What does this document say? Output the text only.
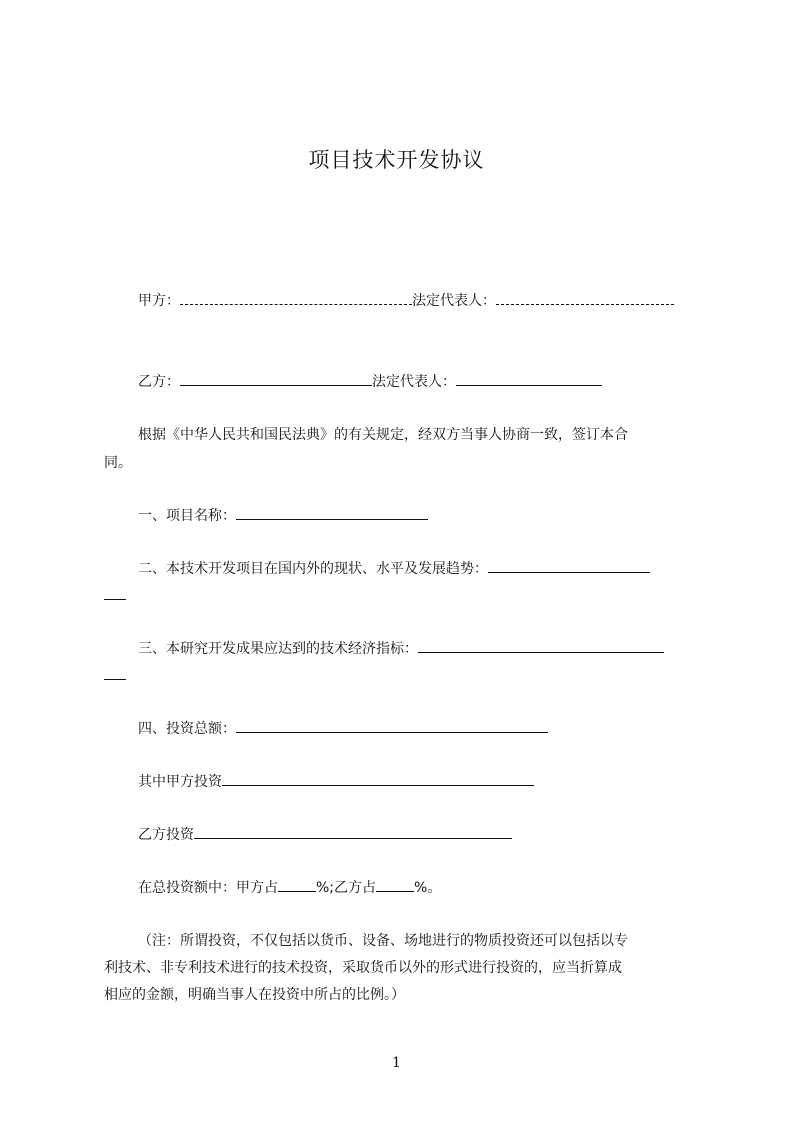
项目技术开发协议
甲方：	法定代表人：
乙方：	法定代表人：
根据《中华人民共和国民法典》的有关规定，经双方当事人协商一致，签订本合
同。
一、项目名称：
二、本技术开发项目在国内外的现状、水平及发展趋势：
三、本研究开发成果应达到的技术经济指标：
四、投资总额：
其中甲方投资
乙方投资
在总投资额中：甲方占	%;乙方占	%。
（注：所谓投资，不仅包括以货币、设备、场地进行的物质投资还可以包括以专
利技术、非专利技术进行的技术投资，采取货币以外的形式进行投资的，应当折算成
相应的金额，明确当事人在投资中所占的比例。）
1
